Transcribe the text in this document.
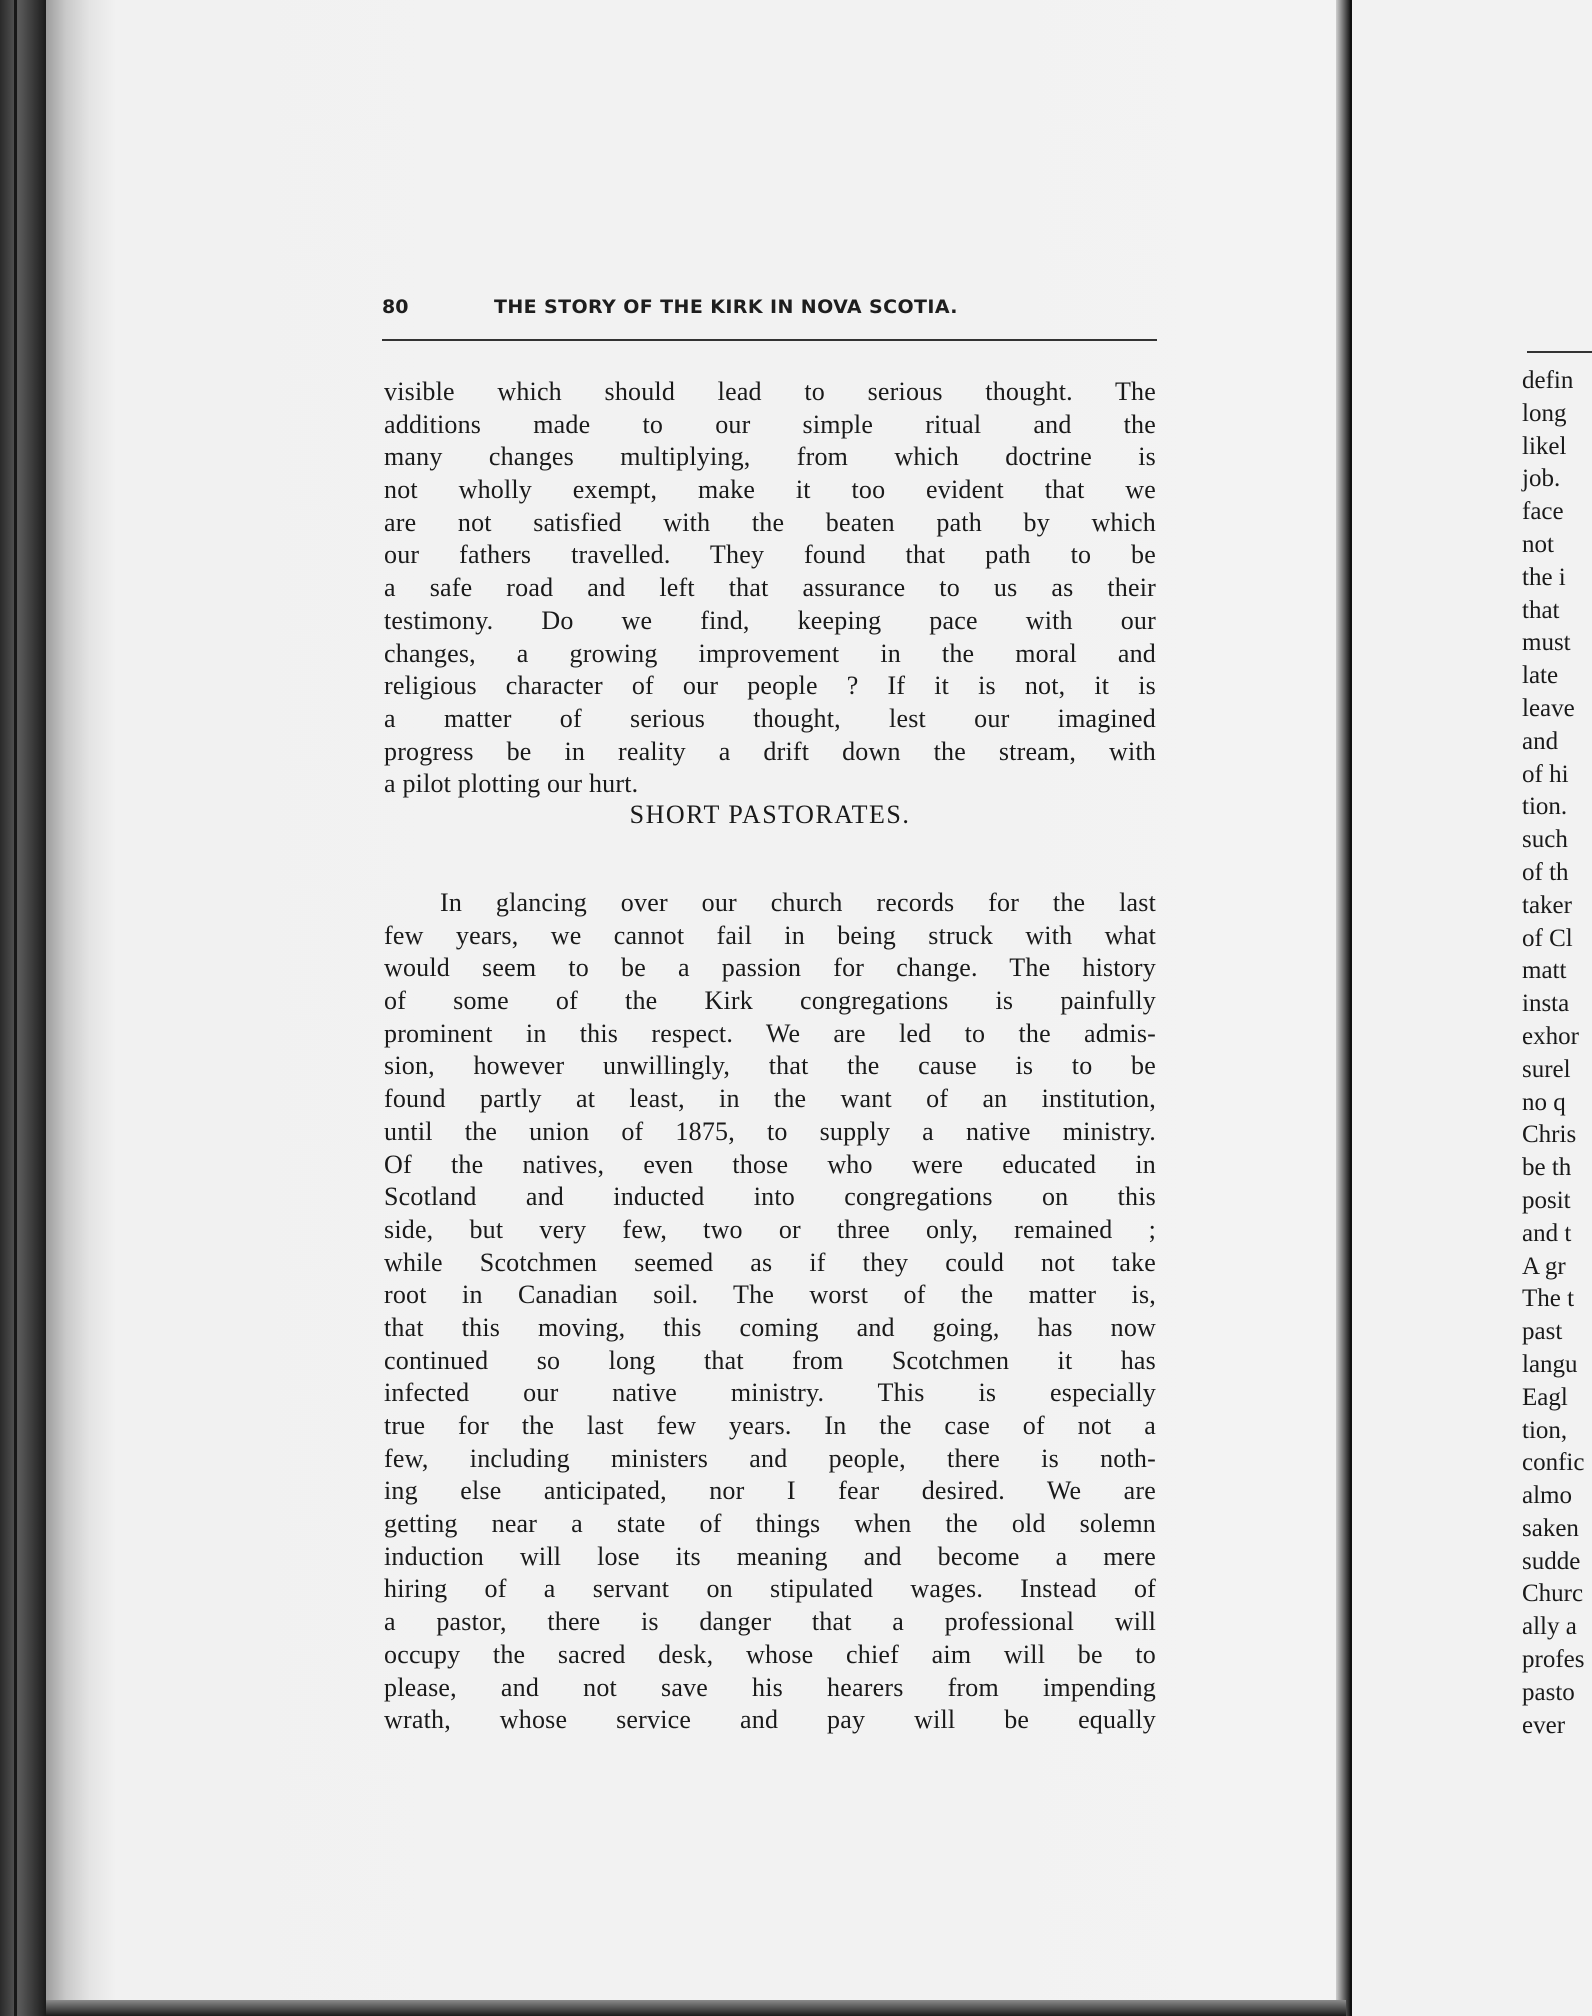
80	THE STORY OF THE KIRK IN NOVA SCOTIA.
visible which should lead to serious thought. The
additions made to our simple ritual and the
many changes multiplying, from which doctrine is
not wholly exempt, make it too evident that we
are not satisfied with the beaten path by which
our fathers travelled. They found that path to be
a safe road and left that assurance to us as their
testimony. Do we find, keeping pace with our
changes, a growing improvement in the moral and
religious character of our people ? If it is not, it is
a matter of serious thought, lest our imagined
progress be in reality a drift down the stream, with
a pilot plotting our hurt.
SHORT PASTORATES.
In glancing over our church records for the last
few years, we cannot fail in being struck with what
would seem to be a passion for change. The history
of some of the Kirk congregations is painfully
prominent in this respect. We are led to the admis-
sion, however unwillingly, that the cause is to be
found partly at least, in the want of an institution,
until the union of 1875, to supply a native ministry.
Of the natives, even those who were educated in
Scotland and inducted into congregations on this
side, but very few, two or three only, remained ;
while Scotchmen seemed as if they could not take
root in Canadian soil. The worst of the matter is,
that this moving, this coming and going, has now
continued so long that from Scotchmen it has
infected our native ministry. This is especially
true for the last few years. In the case of not a
few, including ministers and people, there is noth-
ing else anticipated, nor I fear desired. We are
getting near a state of things when the old solemn
induction will lose its meaning and become a mere
hiring of a servant on stipulated wages. Instead of
a pastor, there is danger that a professional will
occupy the sacred desk, whose chief aim will be to
please, and not save his hearers from impending
wrath, whose service and pay will be equally
defin
long
likel
job.
face
not
the i
that
must
late
leave
and
of hi
tion.
such
of th
taker
of Cl
matt
insta
exhor
surel
no q
Chris
be th
posit
and t
A gr
The t
past
langu
Eagl
tion,
confic
almo
saken
sudde
Churc
ally a
profes
pasto
ever
